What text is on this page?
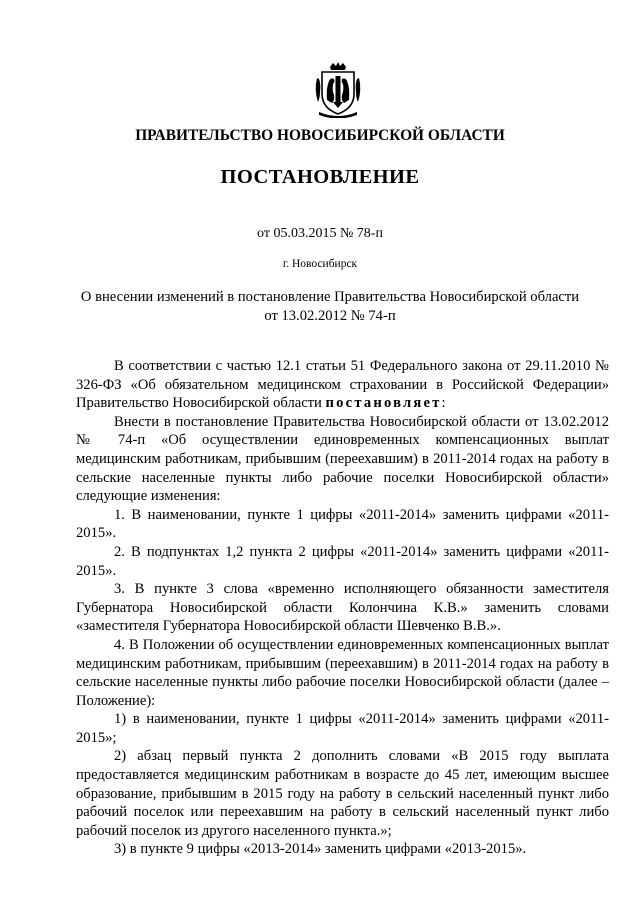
ПРАВИТЕЛЬСТВО НОВОСИБИРСКОЙ ОБЛАСТИ
ПОСТАНОВЛЕНИЕ
от 05.03.2015 № 78-п
г. Новосибирск
О внесении изменений в постановление Правительства Новосибирской области
от 13.02.2012 № 74-п

В соответствии с частью 12.1 статьи 51 Федерального закона от 29.11.2010 № 326-ФЗ «Об обязательном медицинском страховании в Российской Федерации» Правительство Новосибирской области постановляет:

Внести в постановление Правительства Новосибирской области от 13.02.2012 № 74-п «Об осуществлении единовременных компенсационных выплат медицинским работникам, прибывшим (переехавшим) в 2011-2014 годах на работу в сельские населенные пункты либо рабочие поселки Новосибирской области» следующие изменения:

1. В наименовании, пункте 1 цифры «2011-2014» заменить цифрами «2011-2015».

2. В подпунктах 1,2 пункта 2 цифры «2011-2014» заменить цифрами «2011-2015».

3. В пункте 3 слова «временно исполняющего обязанности заместителя Губернатора Новосибирской области Колончина К.В.» заменить словами «заместителя Губернатора Новосибирской области Шевченко В.В.».

4. В Положении об осуществлении единовременных компенсационных выплат медицинским работникам, прибывшим (переехавшим) в 2011-2014 годах на работу в сельские населенные пункты либо рабочие поселки Новосибирской области (далее – Положение):

1) в наименовании, пункте 1 цифры «2011-2014» заменить цифрами «2011-2015»;

2) абзац первый пункта 2 дополнить словами «В 2015 году выплата предоставляется медицинским работникам в возрасте до 45 лет, имеющим высшее образование, прибывшим в 2015 году на работу в сельский населенный пункт либо рабочий поселок или переехавшим на работу в сельский населенный пункт либо рабочий поселок из другого населенного пункта.»;

3) в пункте 9 цифры «2013-2014» заменить цифрами «2013-2015».
